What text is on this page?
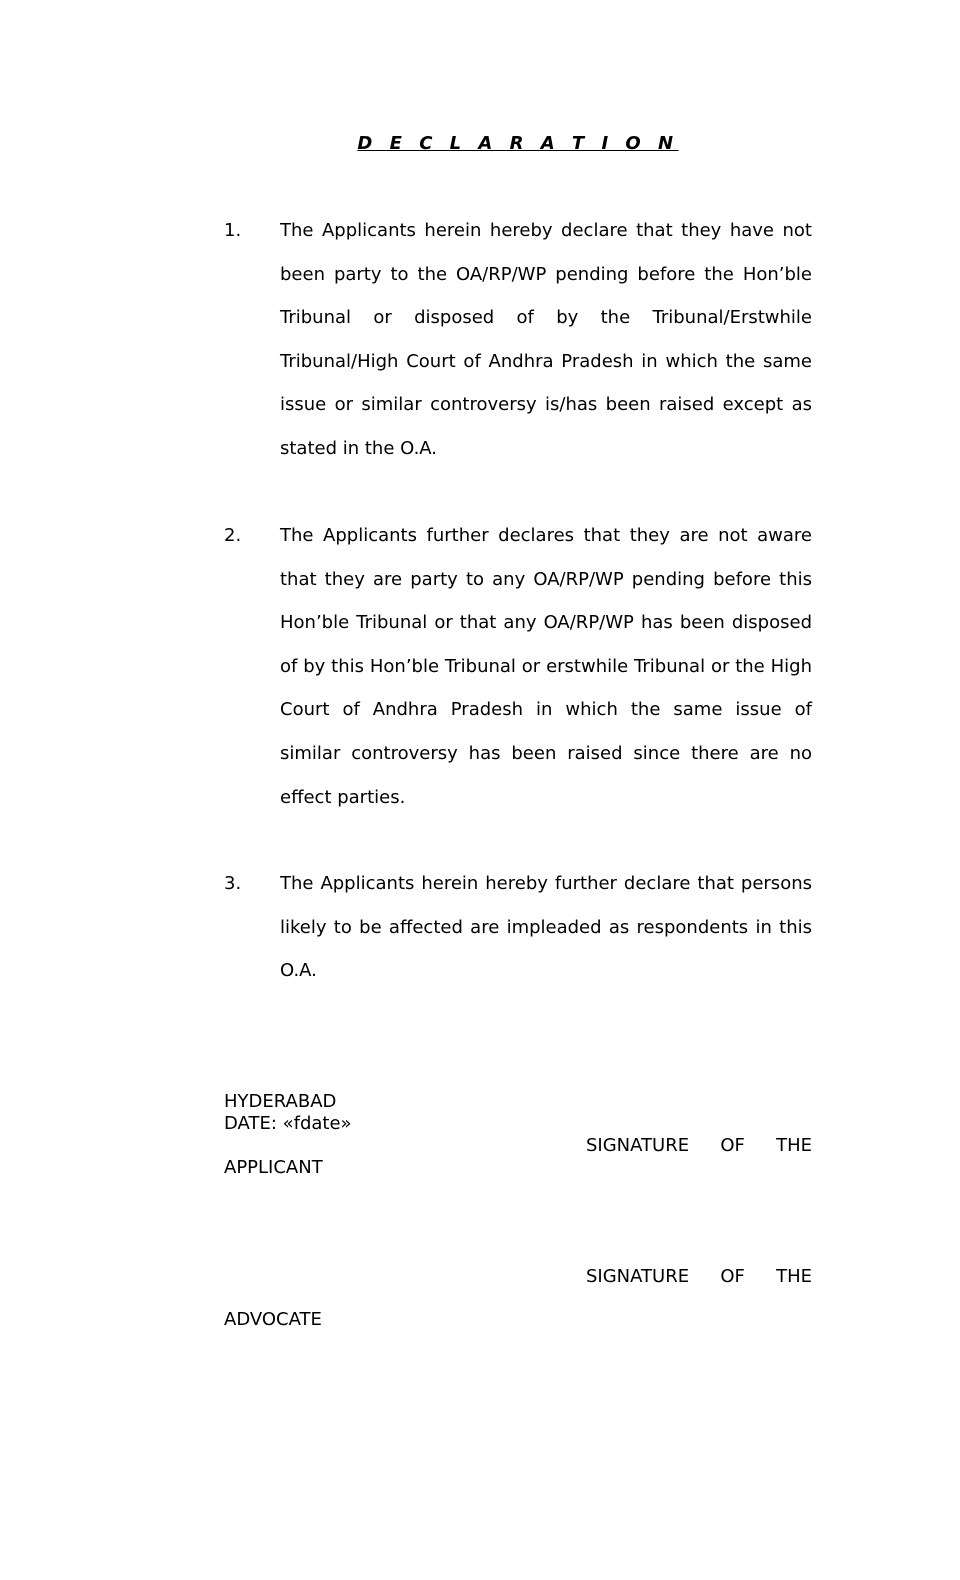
D E C L A R A T I O N
1. The Applicants herein hereby declare that they have not been party to the OA/RP/WP pending before the Hon’ble Tribunal or disposed of by the Tribunal/Erstwhile Tribunal/High Court of Andhra Pradesh in which the same issue or similar controversy is/has been raised except as stated in the O.A.
2. The Applicants further declares that they are not aware that they are party to any OA/RP/WP pending before this Hon’ble Tribunal or that any OA/RP/WP has been disposed of by this Hon’ble Tribunal or erstwhile Tribunal or the High Court of Andhra Pradesh in which the same issue of similar controversy has been raised since there are no effect parties.
3. The Applicants herein hereby further declare that persons likely to be affected are impleaded as respondents in this O.A.
HYDERABAD
DATE: «fdate»
SIGNATURE OF THE
APPLICANT
SIGNATURE OF THE
ADVOCATE
